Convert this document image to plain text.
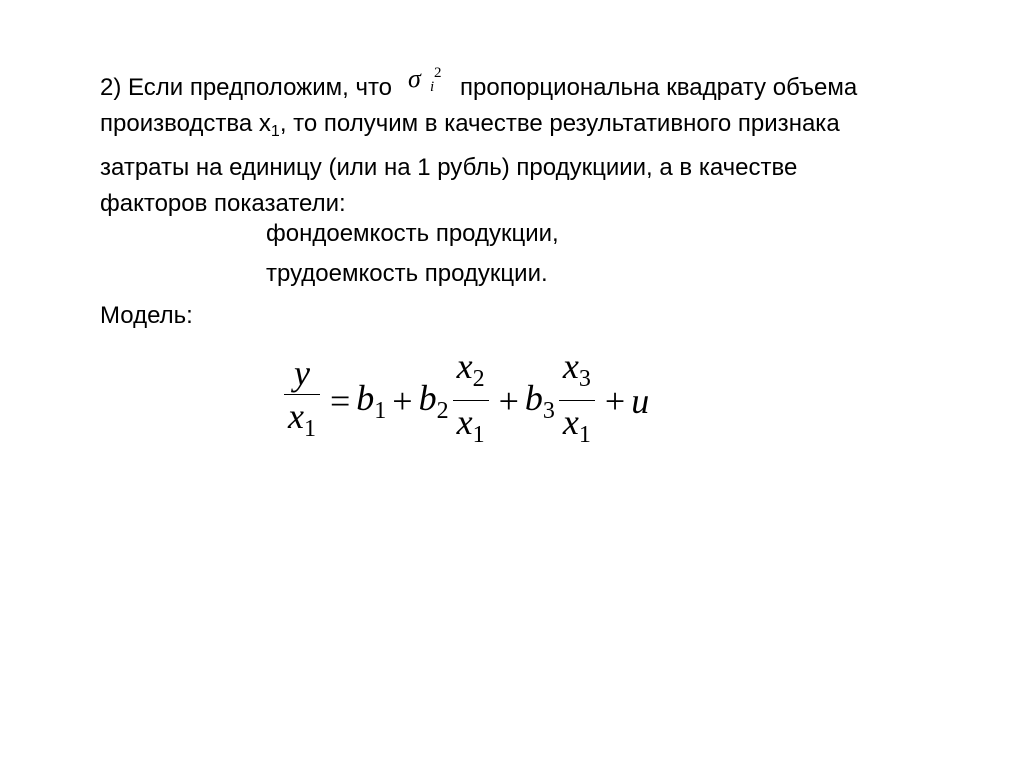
2) Если предположим, что σ 2
i пропорциональна квадрату объема
производства $х_1$, то получим в качестве результативного признака
затраты на единицу (или на 1 рубль) продукциии, а в качестве
факторов показатели:
фондоемкость продукции,
трудоемкость продукции.
Модель:
$\frac{y}{x_1} = b_1 + b_2 \frac{x_2}{x_1} + b_3 \frac{x_3}{x_1} + u$
